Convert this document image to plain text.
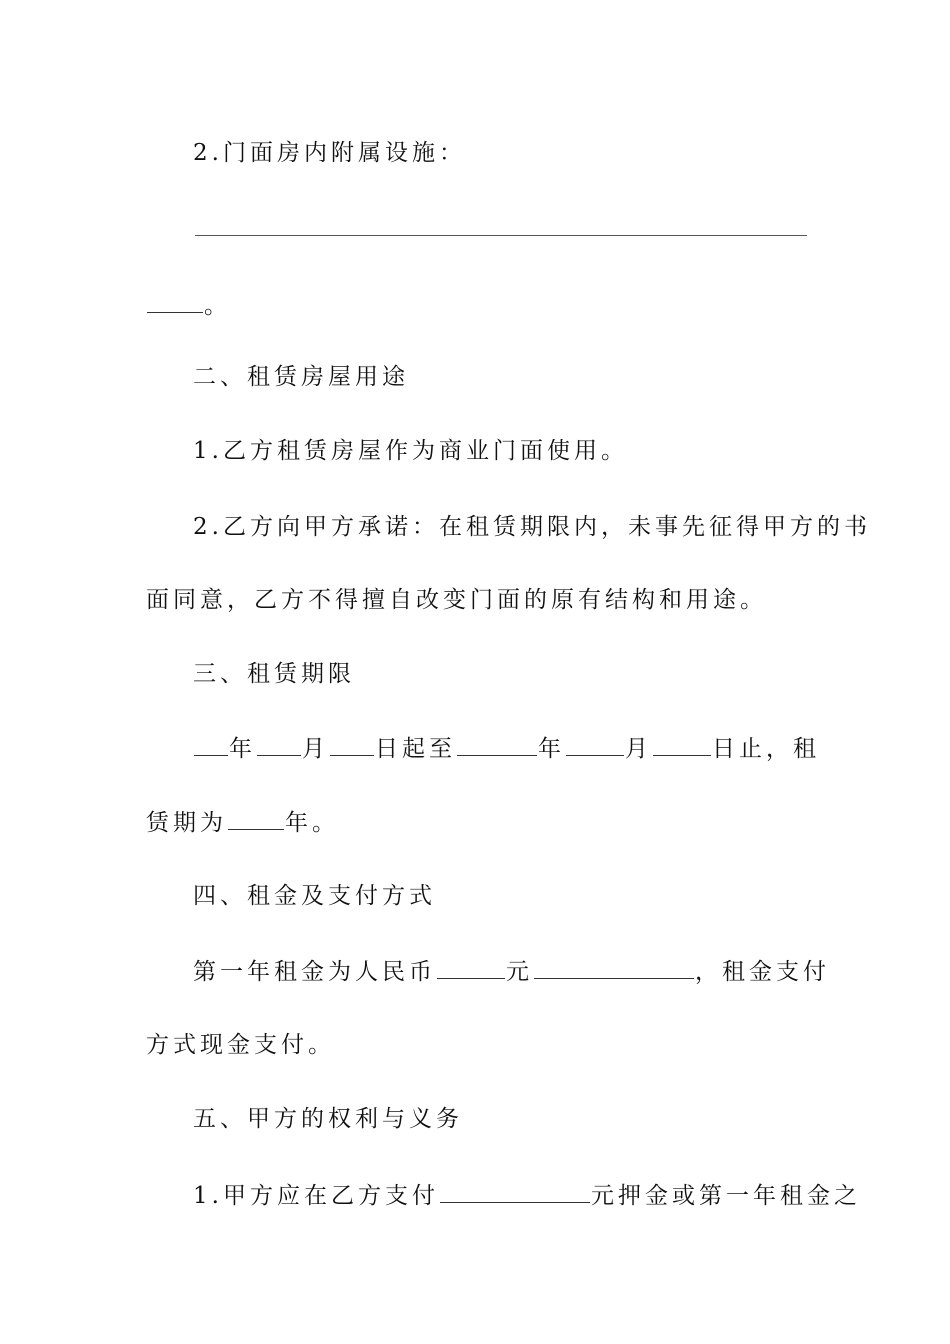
2.门面房内附属设施：
。
二、租赁房屋用途
1.乙方租赁房屋作为商业门面使用。
2.乙方向甲方承诺：在租赁期限内，未事先征得甲方的书
面同意，乙方不得擅自改变门面的原有结构和用途。
三、租赁期限
年 月 日起至	年	月	日止，租
赁期为	年。
四、租金及支付方式
第一年租金为人民币	元	，租金支付
方式现金支付。
五、甲方的权利与义务
1.甲方应在乙方支付	元押金或第一年租金之
